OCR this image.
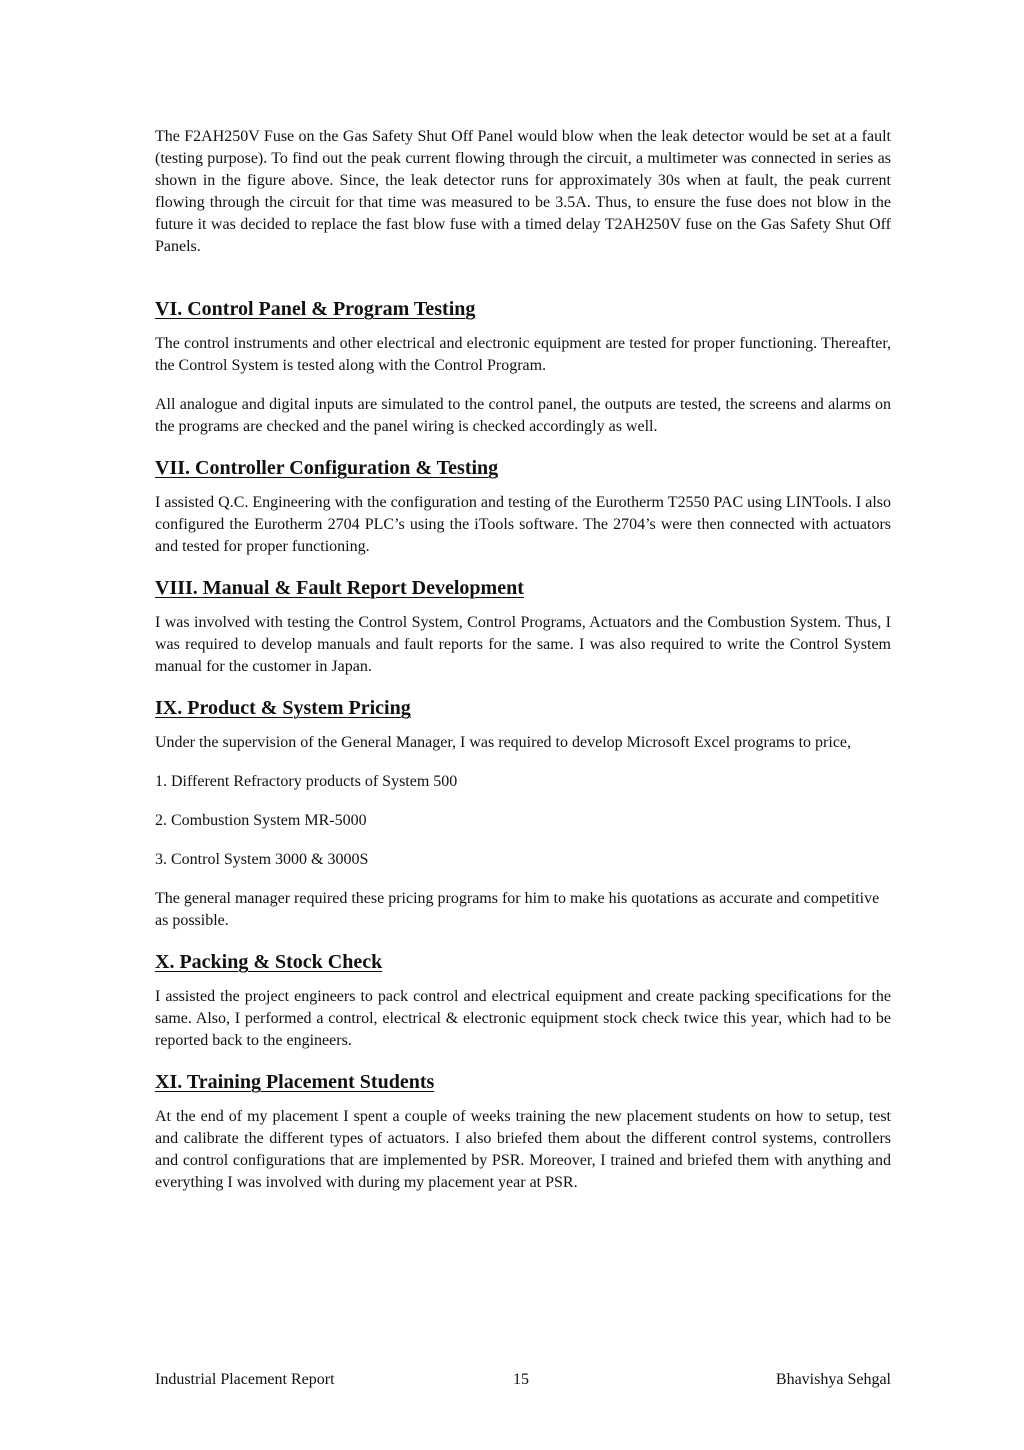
The F2AH250V Fuse on the Gas Safety Shut Off Panel would blow when the leak detector would be set at a fault (testing purpose). To find out the peak current flowing through the circuit, a multimeter was connected in series as shown in the figure above. Since, the leak detector runs for approximately 30s when at fault, the peak current flowing through the circuit for that time was measured to be 3.5A. Thus, to ensure the fuse does not blow in the future it was decided to replace the fast blow fuse with a timed delay T2AH250V fuse on the Gas Safety Shut Off Panels.

VI. Control Panel & Program Testing

The control instruments and other electrical and electronic equipment are tested for proper functioning. Thereafter, the Control System is tested along with the Control Program.

All analogue and digital inputs are simulated to the control panel, the outputs are tested, the screens and alarms on the programs are checked and the panel wiring is checked accordingly as well.

VII. Controller Configuration & Testing

I assisted Q.C. Engineering with the configuration and testing of the Eurotherm T2550 PAC using LINTools. I also configured the Eurotherm 2704 PLC’s using the iTools software. The 2704’s were then connected with actuators and tested for proper functioning.

VIII. Manual & Fault Report Development

I was involved with testing the Control System, Control Programs, Actuators and the Combustion System. Thus, I was required to develop manuals and fault reports for the same. I was also required to write the Control System manual for the customer in Japan.

IX. Product & System Pricing

Under the supervision of the General Manager, I was required to develop Microsoft Excel programs to price,

1. Different Refractory products of System 500

2. Combustion System MR-5000

3. Control System 3000 & 3000S

The general manager required these pricing programs for him to make his quotations as accurate and competitive as possible.

X. Packing & Stock Check

I assisted the project engineers to pack control and electrical equipment and create packing specifications for the same. Also, I performed a control, electrical & electronic equipment stock check twice this year, which had to be reported back to the engineers.

XI. Training Placement Students

At the end of my placement I spent a couple of weeks training the new placement students on how to setup, test and calibrate the different types of actuators. I also briefed them about the different control systems, controllers and control configurations that are implemented by PSR. Moreover, I trained and briefed them with anything and everything I was involved with during my placement year at PSR.

Industrial Placement Report	15	Bhavishya Sehgal
